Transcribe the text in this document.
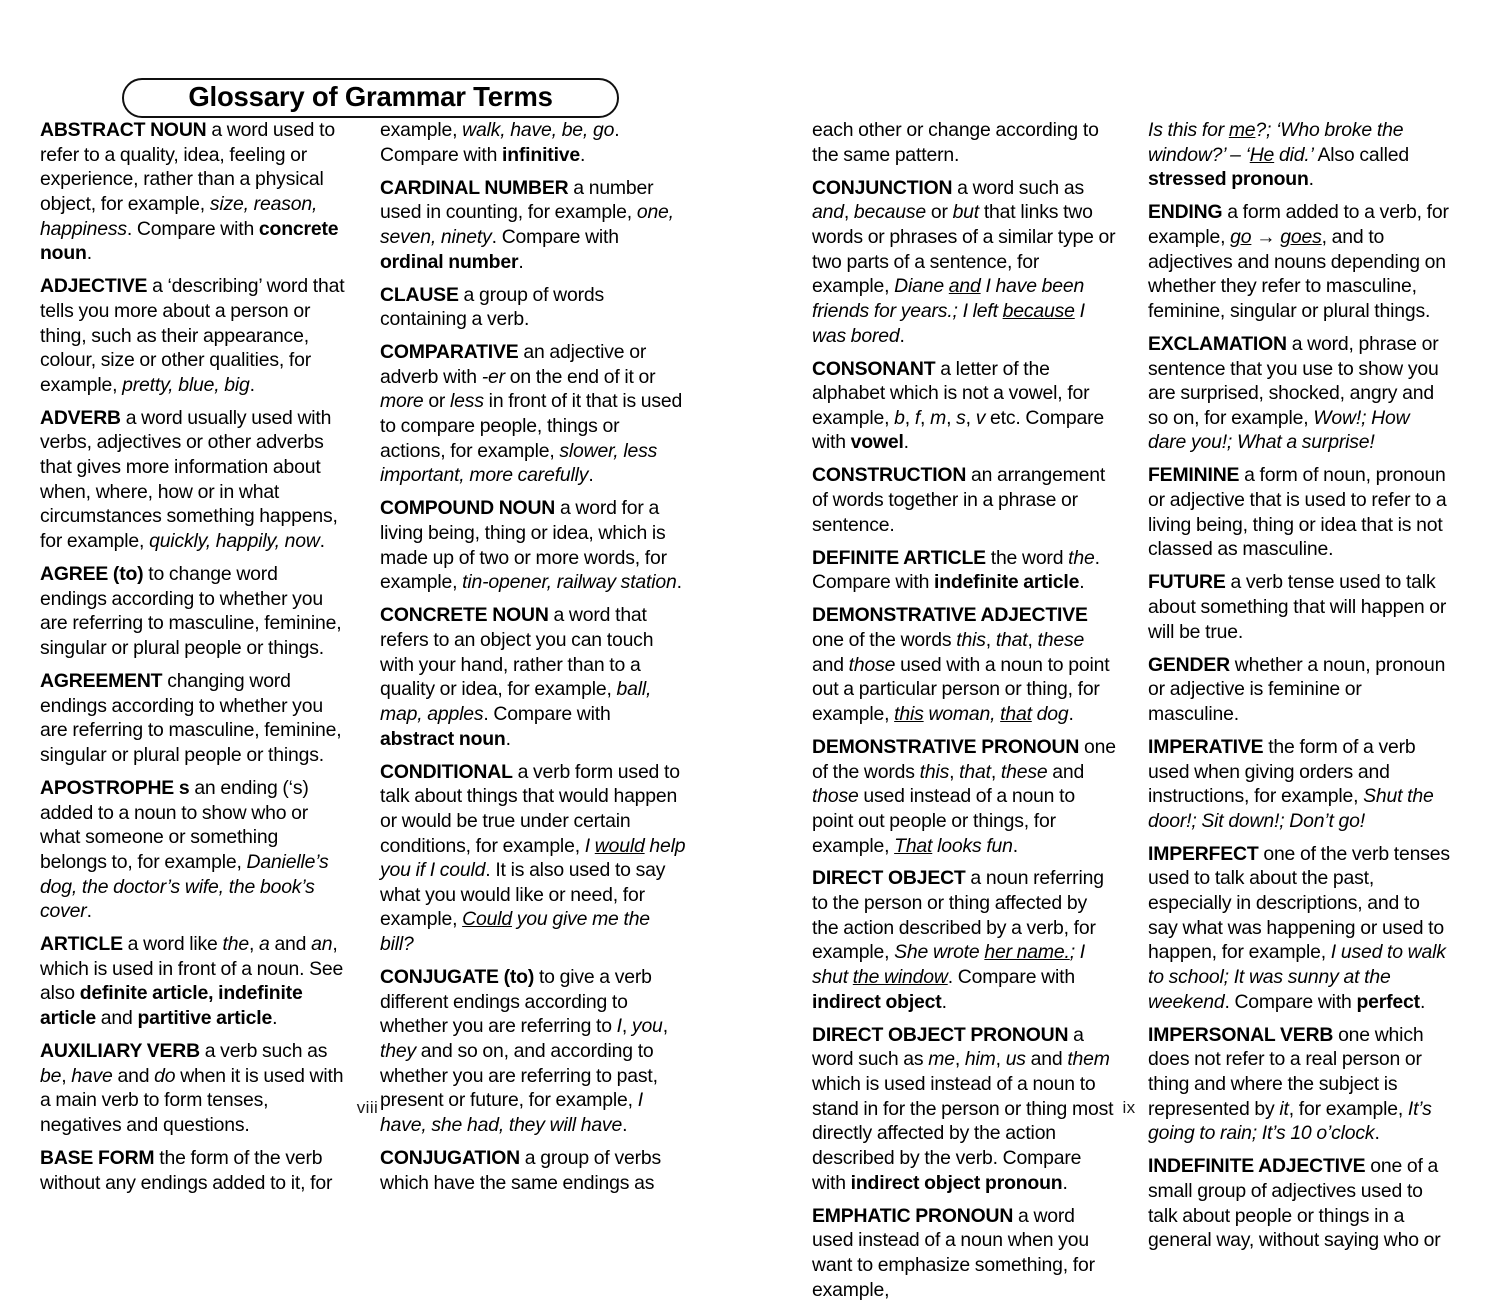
Glossary of Grammar Terms

ABSTRACT NOUN a word used to refer to a quality, idea, feeling or experience, rather than a physical object, for example, size, reason, happiness. Compare with concrete noun.

ADJECTIVE a ‘describing’ word that tells you more about a person or thing, such as their appearance, colour, size or other qualities, for example, pretty, blue, big.

ADVERB a word usually used with verbs, adjectives or other adverbs that gives more information about when, where, how or in what circumstances something happens, for example, quickly, happily, now.

AGREE (to) to change word endings according to whether you are referring to masculine, feminine, singular or plural people or things.

AGREEMENT changing word endings according to whether you are referring to masculine, feminine, singular or plural people or things.

APOSTROPHE s an ending (‘s) added to a noun to show who or what someone or something belongs to, for example, Danielle’s dog, the doctor’s wife, the book’s cover.

ARTICLE a word like the, a and an, which is used in front of a noun. See also definite article, indefinite article and partitive article.

AUXILIARY VERB a verb such as be, have and do when it is used with a main verb to form tenses, negatives and questions.

BASE FORM the form of the verb without any endings added to it, for

example, walk, have, be, go. Compare with infinitive.

CARDINAL NUMBER a number used in counting, for example, one, seven, ninety. Compare with ordinal number.

CLAUSE a group of words containing a verb.

COMPARATIVE an adjective or adverb with -er on the end of it or more or less in front of it that is used to compare people, things or actions, for example, slower, less important, more carefully.

COMPOUND NOUN a word for a living being, thing or idea, which is made up of two or more words, for example, tin-opener, railway station.

CONCRETE NOUN a word that refers to an object you can touch with your hand, rather than to a quality or idea, for example, ball, map, apples. Compare with abstract noun.

CONDITIONAL a verb form used to talk about things that would happen or would be true under certain conditions, for example, I would help you if I could. It is also used to say what you would like or need, for example, Could you give me the bill?

CONJUGATE (to) to give a verb different endings according to whether you are referring to I, you, they and so on, and according to whether you are referring to past, present or future, for example, I have, she had, they will have.

CONJUGATION a group of verbs which have the same endings as

viii

each other or change according to the same pattern.

CONJUNCTION a word such as and, because or but that links two words or phrases of a similar type or two parts of a sentence, for example, Diane and I have been friends for years.; I left because I was bored.

CONSONANT a letter of the alphabet which is not a vowel, for example, b, f, m, s, v etc. Compare with vowel.

CONSTRUCTION an arrangement of words together in a phrase or sentence.

DEFINITE ARTICLE the word the. Compare with indefinite article.

DEMONSTRATIVE ADJECTIVE one of the words this, that, these and those used with a noun to point out a particular person or thing, for example, this woman, that dog.

DEMONSTRATIVE PRONOUN one of the words this, that, these and those used instead of a noun to point out people or things, for example, That looks fun.

DIRECT OBJECT a noun referring to the person or thing affected by the action described by a verb, for example, She wrote her name.; I shut the window. Compare with indirect object.

DIRECT OBJECT PRONOUN a word such as me, him, us and them which is used instead of a noun to stand in for the person or thing most directly affected by the action described by the verb. Compare with indirect object pronoun.

EMPHATIC PRONOUN a word used instead of a noun when you want to emphasize something, for example,

Is this for me?; ‘Who broke the window?’ – ‘He did.’ Also called stressed pronoun.

ENDING a form added to a verb, for example, go → goes, and to adjectives and nouns depending on whether they refer to masculine, feminine, singular or plural things.

EXCLAMATION a word, phrase or sentence that you use to show you are surprised, shocked, angry and so on, for example, Wow!; How dare you!; What a surprise!

FEMININE a form of noun, pronoun or adjective that is used to refer to a living being, thing or idea that is not classed as masculine.

FUTURE a verb tense used to talk about something that will happen or will be true.

GENDER whether a noun, pronoun or adjective is feminine or masculine.

IMPERATIVE the form of a verb used when giving orders and instructions, for example, Shut the door!; Sit down!; Don’t go!

IMPERFECT one of the verb tenses used to talk about the past, especially in descriptions, and to say what was happening or used to happen, for example, I used to walk to school; It was sunny at the weekend. Compare with perfect.

IMPERSONAL VERB one which does not refer to a real person or thing and where the subject is represented by it, for example, It’s going to rain; It’s 10 o’clock.

INDEFINITE ADJECTIVE one of a small group of adjectives used to talk about people or things in a general way, without saying who or

ix
